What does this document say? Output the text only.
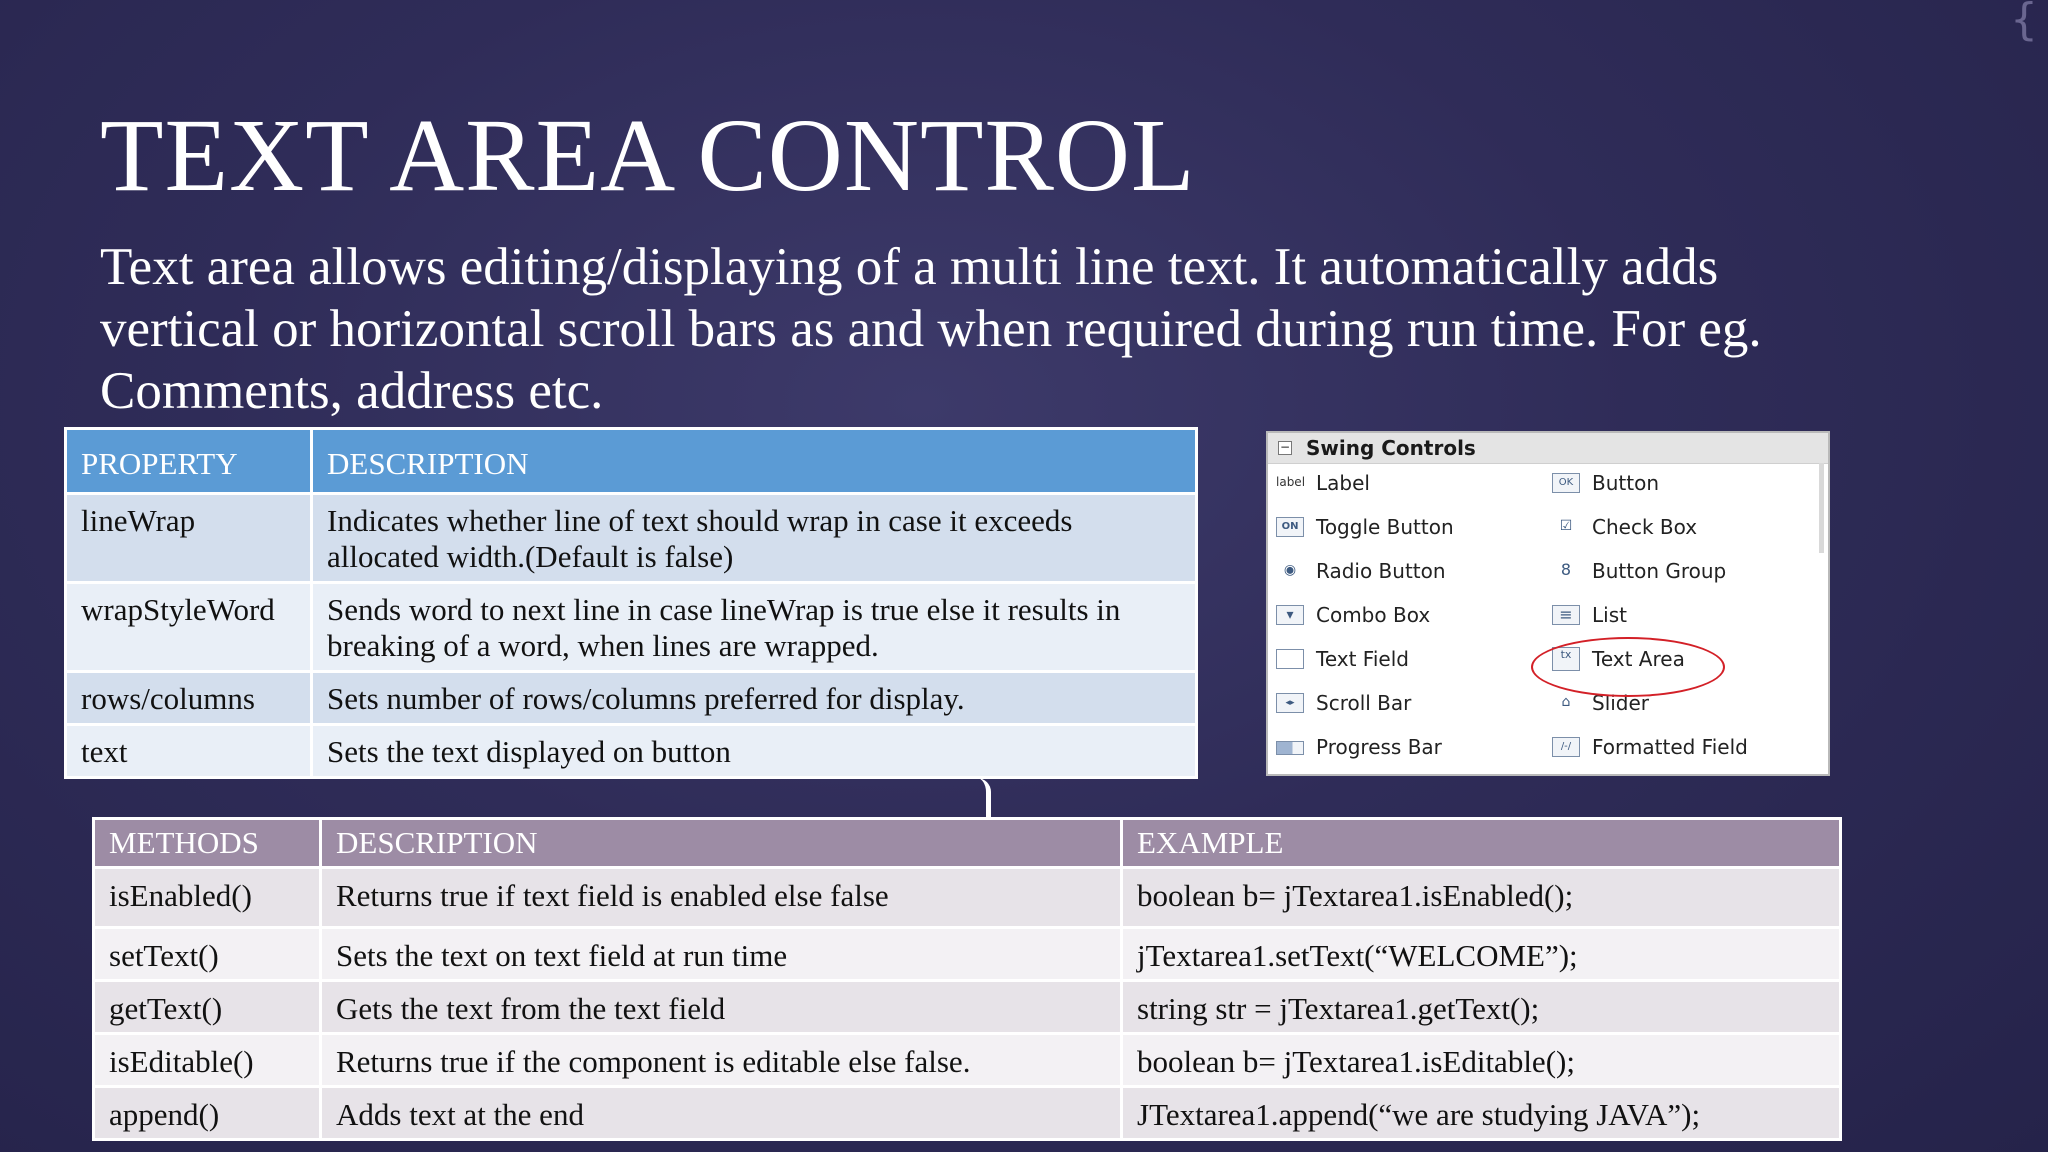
{
TEXT AREA CONTROL

Text area allows editing/displaying of a multi line text. It automatically adds vertical or horizontal scroll bars as and when required during run time. For eg. Comments, address etc.

PROPERTY	DESCRIPTION
lineWrap	Indicates whether line of text should wrap in case it exceeds allocated width.(Default is false)
wrapStyleWord	Sends word to next line in case lineWrap is true else it results in breaking of a word, when lines are wrapped.
rows/columns	Sets number of rows/columns preferred for display.
text	Sets the text displayed on button
METHODS	DESCRIPTION	EXAMPLE
isEnabled()	Returns true if text field is enabled else false	boolean b= jTextarea1.isEnabled();
setText()	Sets the text on text field at run time	jTextarea1.setText(“WELCOME”);
getText()	Gets the text from the text field	string str = jTextarea1.getText();
isEditable()	Returns true if the component is editable else false.	boolean b= jTextarea1.isEditable();
append()	Adds text at the end	JTextarea1.append(“we are studying JAVA”);
− Swing Controls
label Label	OK Button
ON Toggle Button	☑ Check Box
◉ Radio Button	8	Button Group
▾	Combo Box	≡ List
Text Field	tx	Text Area
◂▸	Scroll Bar	⌂	Slider
Progress Bar	/-/	Formatted Field
